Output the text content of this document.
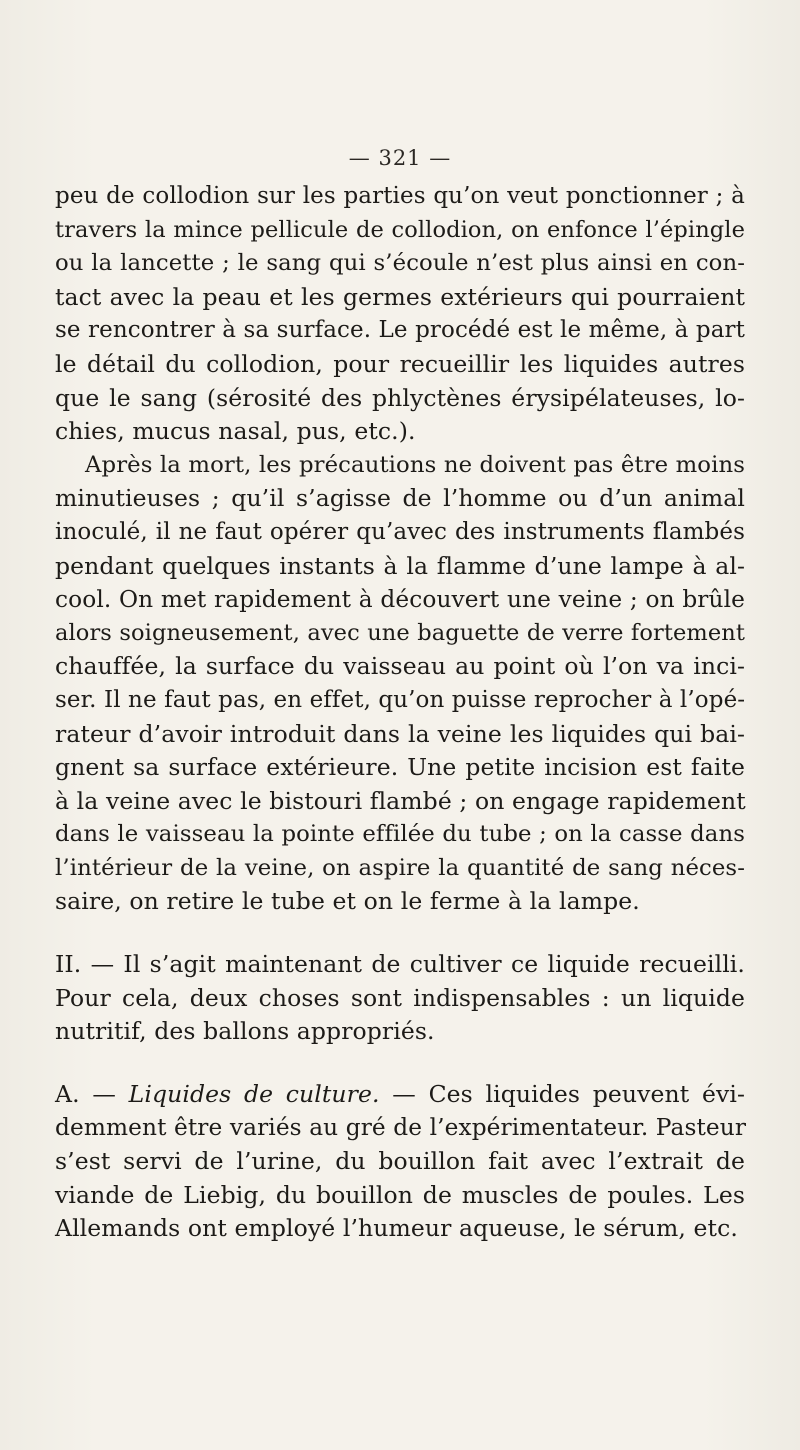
— 321 —
peu de collodion sur les parties qu’on veut ponctionner ; à
travers la mince pellicule de collodion, on enfonce l’épingle
ou la lancette ; le sang qui s’écoule n’est plus ainsi en con-
tact avec la peau et les germes extérieurs qui pourraient
se rencontrer à sa surface. Le procédé est le même, à part
le détail du collodion, pour recueillir les liquides autres
que le sang (sérosité des phlyctènes érysipélateuses, lo-
chies, mucus nasal, pus, etc.).
Après la mort, les précautions ne doivent pas être moins
minutieuses ; qu’il s’agisse de l’homme ou d’un animal
inoculé, il ne faut opérer qu’avec des instruments flambés
pendant quelques instants à la flamme d’une lampe à al-
cool. On met rapidement à découvert une veine ; on brûle
alors soigneusement, avec une baguette de verre fortement
chauffée, la surface du vaisseau au point où l’on va inci-
ser. Il ne faut pas, en effet, qu’on puisse reprocher à l’opé-
rateur d’avoir introduit dans la veine les liquides qui bai-
gnent sa surface extérieure. Une petite incision est faite
à la veine avec le bistouri flambé ; on engage rapidement
dans le vaisseau la pointe effilée du tube ; on la casse dans
l’intérieur de la veine, on aspire la quantité de sang néces-
saire, on retire le tube et on le ferme à la lampe.
II. — Il s’agit maintenant de cultiver ce liquide recueilli.
Pour cela, deux choses sont indispensables : un liquide
nutritif, des ballons appropriés.
A. — Liquides de culture. — Ces liquides peuvent évi-
demment être variés au gré de l’expérimentateur. Pasteur
s’est servi de l’urine, du bouillon fait avec l’extrait de
viande de Liebig, du bouillon de muscles de poules. Les
Allemands ont employé l’humeur aqueuse, le sérum, etc.
